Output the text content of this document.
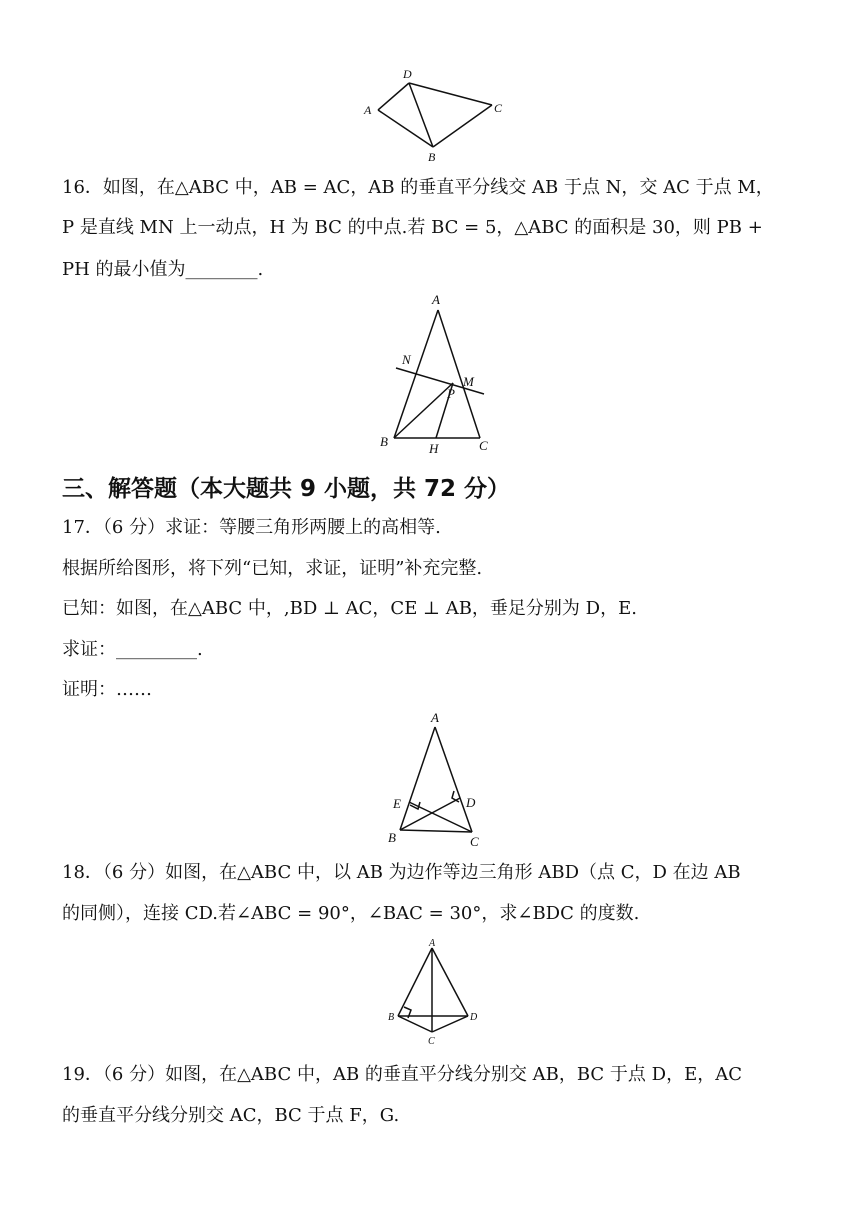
A
D
C
B
16．如图，在△ABC 中，AB = AC，AB 的垂直平分线交 AB 于点 N，交 AC 于点 M，
P 是直线 MN 上一动点，H 为 BC 的中点.若 BC = 5，△ABC 的面积是 30，则 PB +
PH 的最小值为________.
A
N
M
P
B	H	C
三、解答题（本大题共 9 小题，共 72 分）
17．（6 分）求证：等腰三角形两腰上的高相等.
根据所给图形，将下列“已知，求证，证明”补充完整.
已知：如图，在△ABC 中，,BD ⊥ AC，CE ⊥ AB，垂足分别为 D，E.
求证：_________.
证明：……
A
E	D
B	C
18．（6 分）如图，在△ABC 中，以 AB 为边作等边三角形 ABD（点 C，D 在边 AB
的同侧），连接 CD.若∠ABC = 90°，∠BAC = 30°，求∠BDC 的度数.
A
B	D
C
19．（6 分）如图，在△ABC 中，AB 的垂直平分线分别交 AB，BC 于点 D，E，AC
的垂直平分线分别交 AC，BC 于点 F，G.
